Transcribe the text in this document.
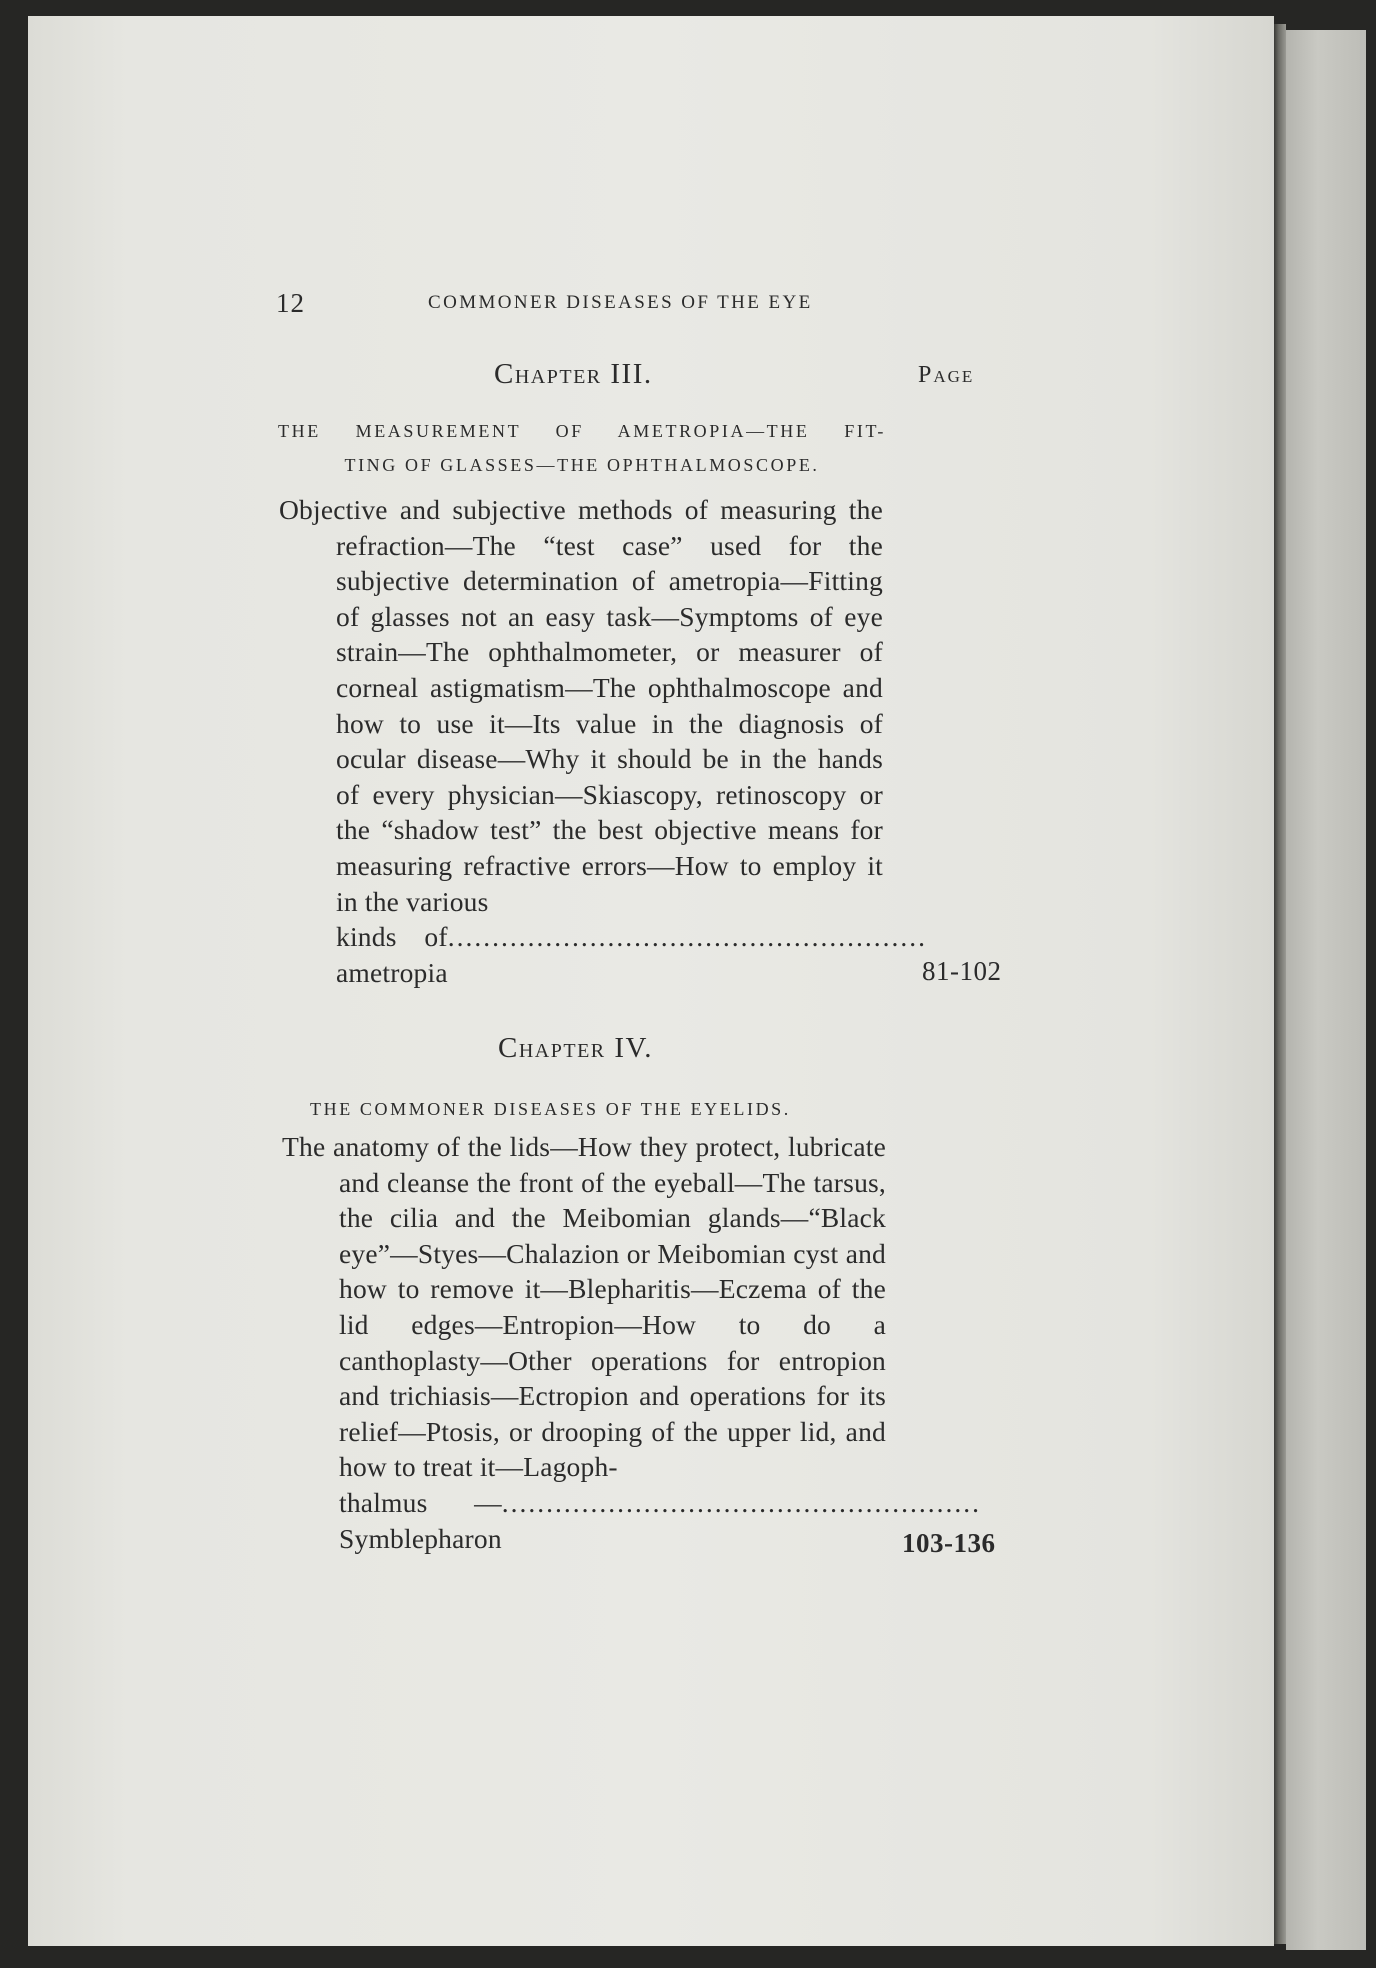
12	COMMONER DISEASES OF THE EYE
Chapter III.	Page
THE MEASUREMENT OF AMETROPIA—THE FIT-
TING OF GLASSES—THE OPHTHALMOSCOPE.
Objective and subjective methods of measuring the refraction—The “test case” used for the subjective determination of ametropia—Fitting of glasses not an easy task—Symptoms of eye strain—The ophthalmometer, or measurer of corneal astigmatism—The ophthalmoscope and how to use it—Its value in the diagnosis of ocular disease—Why it should be in the hands of every physician—Skiascopy, retinoscopy or the “shadow test” the best objective means for measuring refractive errors—How to employ it in the various
kinds of ametropia
......................................................
81-102
Chapter IV.
THE COMMONER DISEASES OF THE EYELIDS.
The anatomy of the lids—How they protect, lubricate and cleanse the front of the eyeball—The tarsus, the cilia and the Meibomian glands—“Black eye”—Styes—Chalazion or Meibomian cyst and how to remove it—Blepharitis—Eczema of the lid edges—Entropion—How to do a canthoplasty—Other operations for entropion and trichiasis—Ectropion and operations for its relief—Ptosis, or drooping of the upper lid, and how to treat it—Lagoph-
thalmus — Symblepharon
......................................................
103-136
